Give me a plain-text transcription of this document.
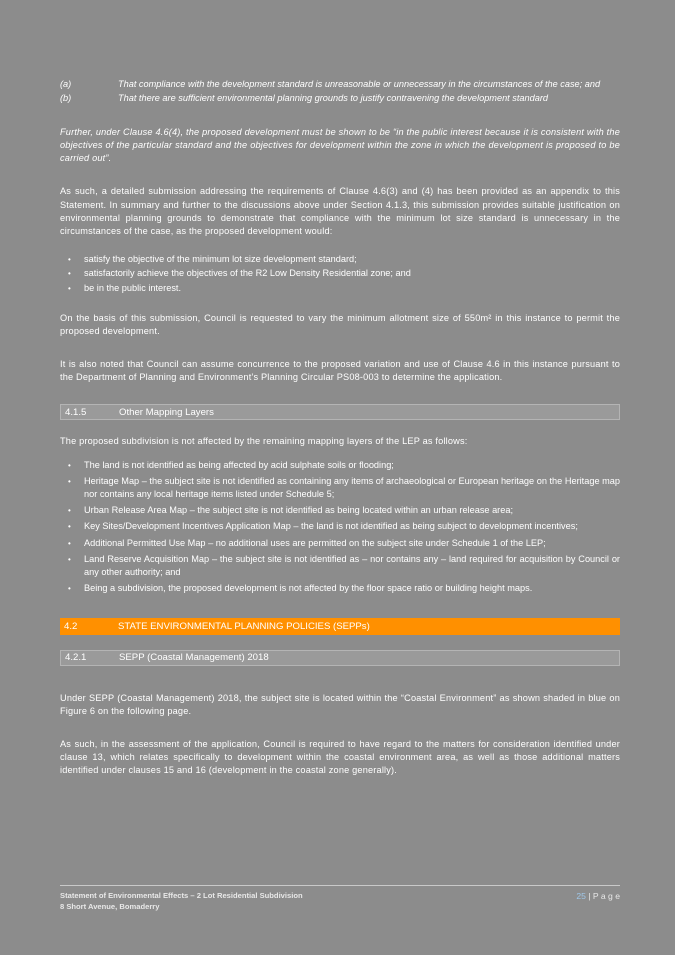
(a)	That compliance with the development standard is unreasonable or unnecessary in the circumstances of the case; and
(b)	That there are sufficient environmental planning grounds to justify contravening the development standard

Further, under Clause 4.6(4), the proposed development must be shown to be “in the public interest because it is consistent with the objectives of the particular standard and the objectives for development within the zone in which the development is proposed to be carried out”.

As such, a detailed submission addressing the requirements of Clause 4.6(3) and (4) has been provided as an appendix to this Statement. In summary and further to the discussions above under Section 4.1.3, this submission provides suitable justification on environmental planning grounds to demonstrate that compliance with the minimum lot size standard is unnecessary in the circumstances of the case, as the proposed development would:

•	satisfy the objective of the minimum lot size development standard;
•	satisfactorily achieve the objectives of the R2 Low Density Residential zone; and
•	be in the public interest.

On the basis of this submission, Council is requested to vary the minimum allotment size of 550m² in this instance to permit the proposed development.

It is also noted that Council can assume concurrence to the proposed variation and use of Clause 4.6 in this instance pursuant to the Department of Planning and Environment’s Planning Circular PS08-003 to determine the application.

4.1.5	Other Mapping Layers

The proposed subdivision is not affected by the remaining mapping layers of the LEP as follows:

•	The land is not identified as being affected by acid sulphate soils or flooding;
•	Heritage Map – the subject site is not identified as containing any items of archaeological or European heritage on the Heritage map nor contains any local heritage items listed under Schedule 5;
•	Urban Release Area Map – the subject site is not identified as being located within an urban release area;
•	Key Sites/Development Incentives Application Map – the land is not identified as being subject to development incentives;
•	Additional Permitted Use Map – no additional uses are permitted on the subject site under Schedule 1 of the LEP;
•	Land Reserve Acquisition Map – the subject site is not identified as – nor contains any – land required for acquisition by Council or any other authority; and
•	Being a subdivision, the proposed development is not affected by the floor space ratio or building height maps.
4.2	STATE ENVIRONMENTAL PLANNING POLICIES (SEPPs)
4.2.1	SEPP (Coastal Management) 2018

Under SEPP (Coastal Management) 2018, the subject site is located within the “Coastal Environment” as shown shaded in blue on Figure 6 on the following page.

As such, in the assessment of the application, Council is required to have regard to the matters for consideration identified under clause 13, which relates specifically to development within the coastal environment area, as well as those additional matters identified under clauses 15 and 16 (development in the coastal zone generally).

Statement of Environmental Effects – 2 Lot Residential Subdivision
8 Short Avenue, Bomaderry
25 | P a g e
